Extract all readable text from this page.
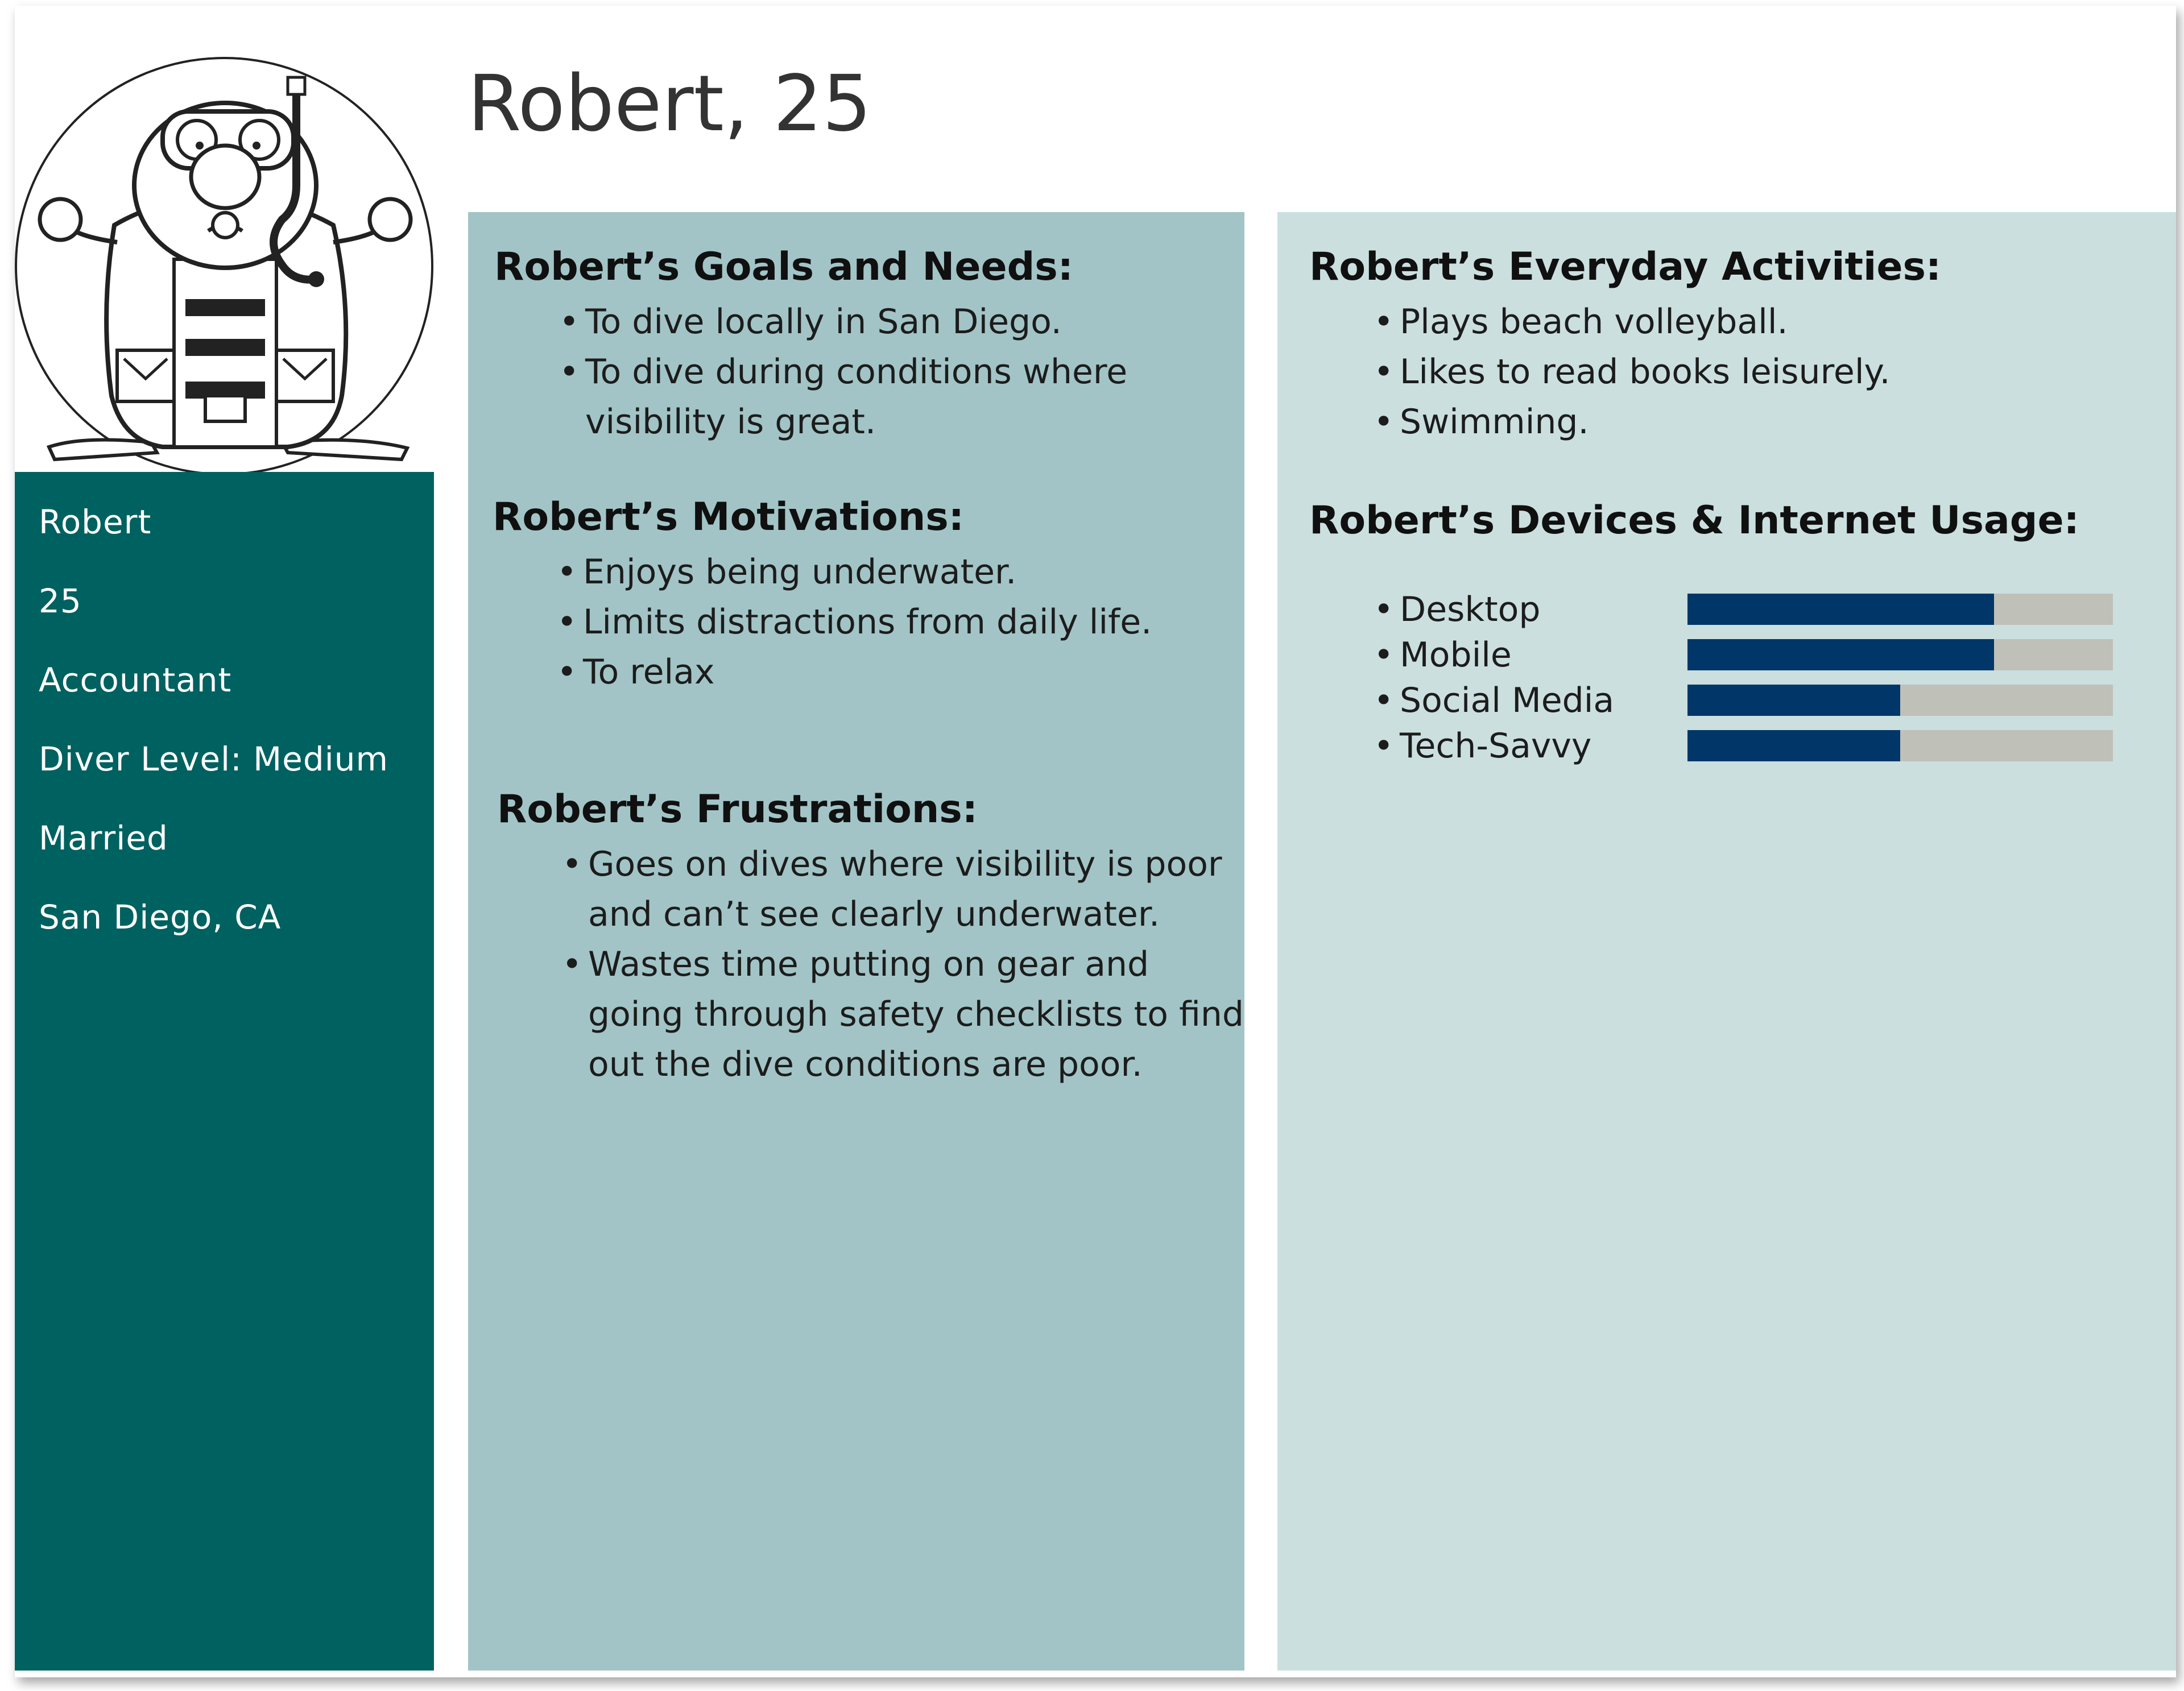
Robert
25
Accountant
Diver Level: Medium
Married
San Diego, CA
Robert, 25
Robert’s Goals and Needs:
• To dive locally in San Diego.
• To dive during conditions where
visibility is great.
Robert’s Motivations:
• Enjoys being underwater.
• Limits distractions from daily life.
• To relax
Robert’s Frustrations:
• Goes on dives where visibility is poor
and can’t see clearly underwater.
• Wastes time putting on gear and
going through safety checklists to find
out the dive conditions are poor.
Robert’s Everyday Activities:
• Plays beach volleyball.
• Likes to read books leisurely.
• Swimming.
Robert’s Devices & Internet Usage:
• Desktop
• Mobile
• Social Media
• Tech-Savvy
